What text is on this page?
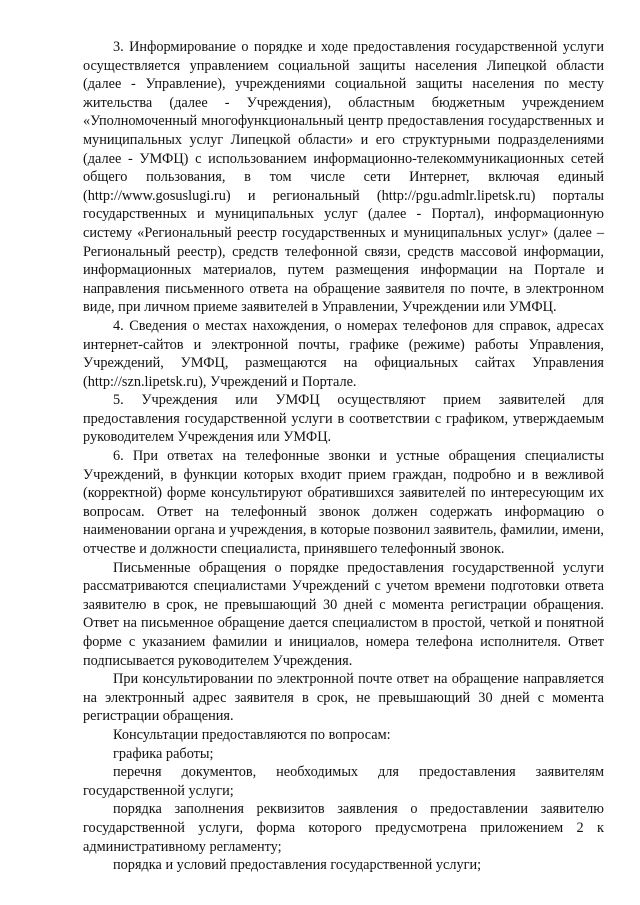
3. Информирование о порядке и ходе предоставления государственной услуги осуществляется управлением социальной защиты населения Липецкой области (далее - Управление), учреждениями социальной защиты населения по месту жительства (далее - Учреждения), областным бюджетным учреждением «Уполномоченный многофункциональный центр предоставления государственных и муниципальных услуг Липецкой области» и его структурными подразделениями (далее - УМФЦ) с использованием информационно-телекоммуникационных сетей общего пользования, в том числе сети Интернет, включая единый (http://www.gosuslugi.ru) и региональный (http://pgu.admlr.lipetsk.ru) порталы государственных и муниципальных услуг (далее - Портал), информационную систему «Региональный реестр государственных и муниципальных услуг» (далее – Региональный реестр), средств телефонной связи, средств массовой информации, информационных материалов, путем размещения информации на Портале и направления письменного ответа на обращение заявителя по почте, в электронном виде, при личном приеме заявителей в Управлении, Учреждении или УМФЦ.

4. Сведения о местах нахождения, о номерах телефонов для справок, адресах интернет-сайтов и электронной почты, графике (режиме) работы Управления, Учреждений, УМФЦ, размещаются на официальных сайтах Управления (http://szn.lipetsk.ru), Учреждений и Портале.

5. Учреждения или УМФЦ осуществляют прием заявителей для предоставления государственной услуги в соответствии с графиком, утверждаемым руководителем Учреждения или УМФЦ.

6. При ответах на телефонные звонки и устные обращения специалисты Учреждений, в функции которых входит прием граждан, подробно и в вежливой (корректной) форме консультируют обратившихся заявителей по интересующим их вопросам. Ответ на телефонный звонок должен содержать информацию о наименовании органа и учреждения, в которые позвонил заявитель, фамилии, имени, отчестве и должности специалиста, принявшего телефонный звонок.

Письменные обращения о порядке предоставления государственной услуги рассматриваются специалистами Учреждений с учетом времени подготовки ответа заявителю в срок, не превышающий 30 дней с момента регистрации обращения. Ответ на письменное обращение дается специалистом в простой, четкой и понятной форме с указанием фамилии и инициалов, номера телефона исполнителя. Ответ подписывается руководителем Учреждения.

При консультировании по электронной почте ответ на обращение направляется на электронный адрес заявителя в срок, не превышающий 30 дней с момента регистрации обращения.

Консультации предоставляются по вопросам:

графика работы;

перечня документов, необходимых для предоставления заявителям государственной услуги;

порядка заполнения реквизитов заявления о предоставлении заявителю государственной услуги, форма которого предусмотрена приложением 2 к административному регламенту;

порядка и условий предоставления государственной услуги;
